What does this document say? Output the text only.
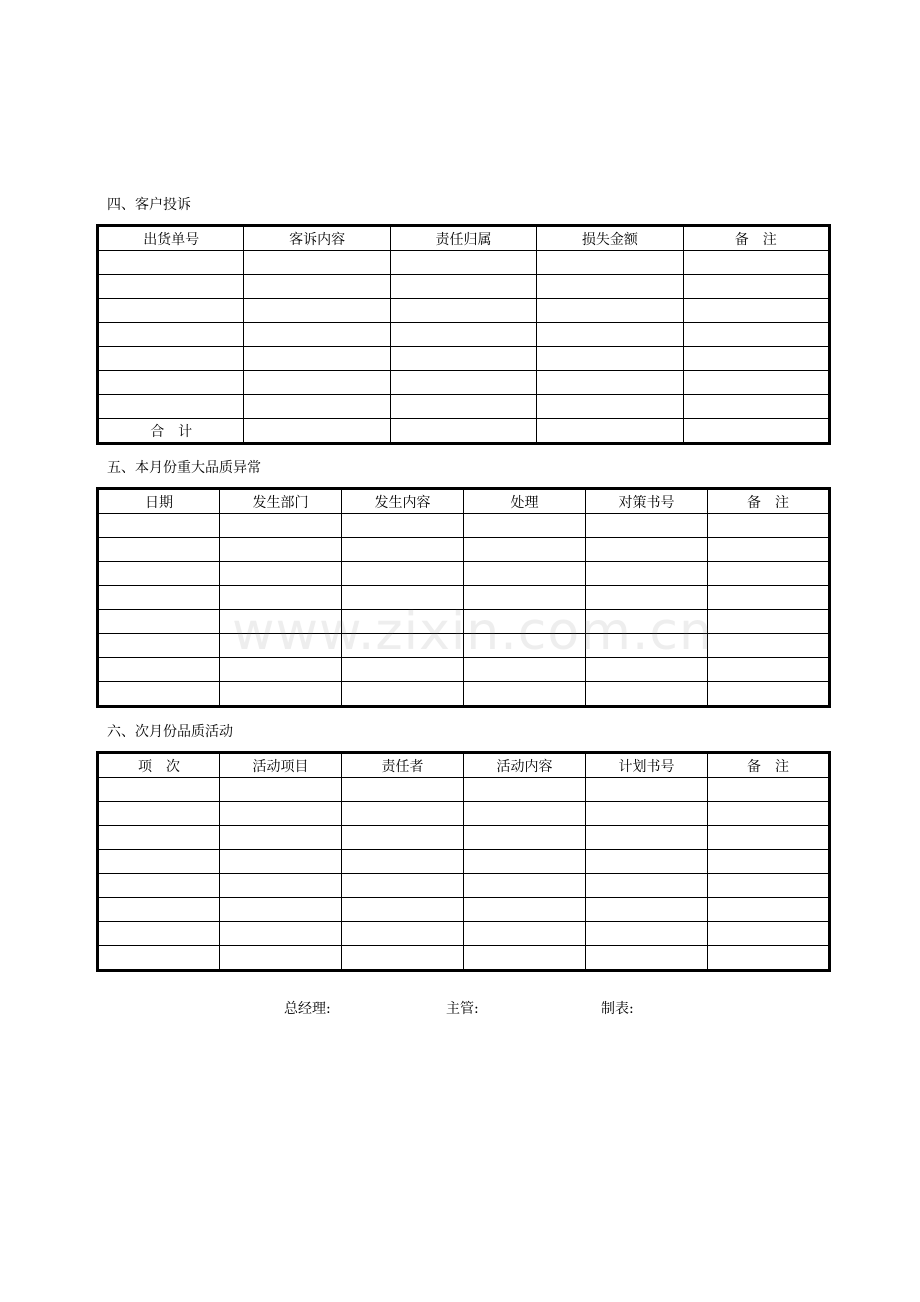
四、客户投诉
出货单号	客诉内容	责任归属	损失金额	备　注

合　计				
五、本月份重大品质异常
日期	发生部门	发生内容	处理	对策书号	备　注

www.zixin.com.cn
六、次月份品质活动
项　次	活动项目	责任者	活动内容	计划书号	备　注

总经理:	主管:	制表:
